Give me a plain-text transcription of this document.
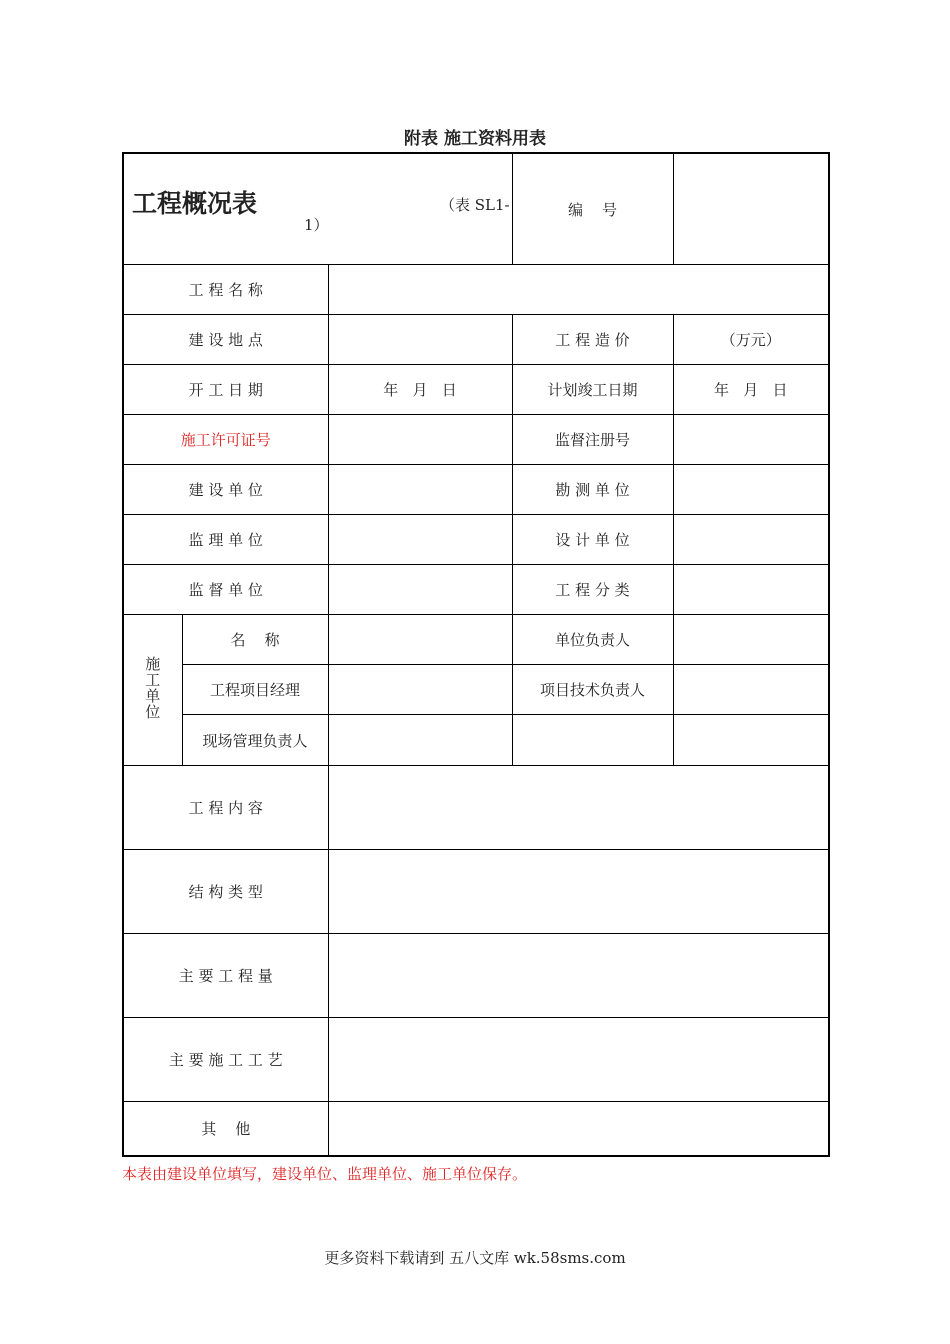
附表 施工资料用表
工程概况表 （表 SL1-
1）			编    号	
工 程 名 称				
建 设 地 点			工 程 造 价	（万元）
开 工 日 期		年   月   日	计划竣工日期	年   月   日
施工许可证号			监督注册号	
建 设 单 位			勘 测 单 位	
监 理 单 位			设 计 单 位	
监 督 单 位			工 程 分 类	
施工单位	名    称		单位负责人	
	工程项目经理		项目技术负责人	
	现场管理负责人			
工 程 内 容				
结 构 类 型				
主 要 工 程 量				
主 要 施 工 工 艺				
其    他				
本表由建设单位填写，建设单位、监理单位、施工单位保存。
更多资料下载请到 五八文库 wk.58sms.com
